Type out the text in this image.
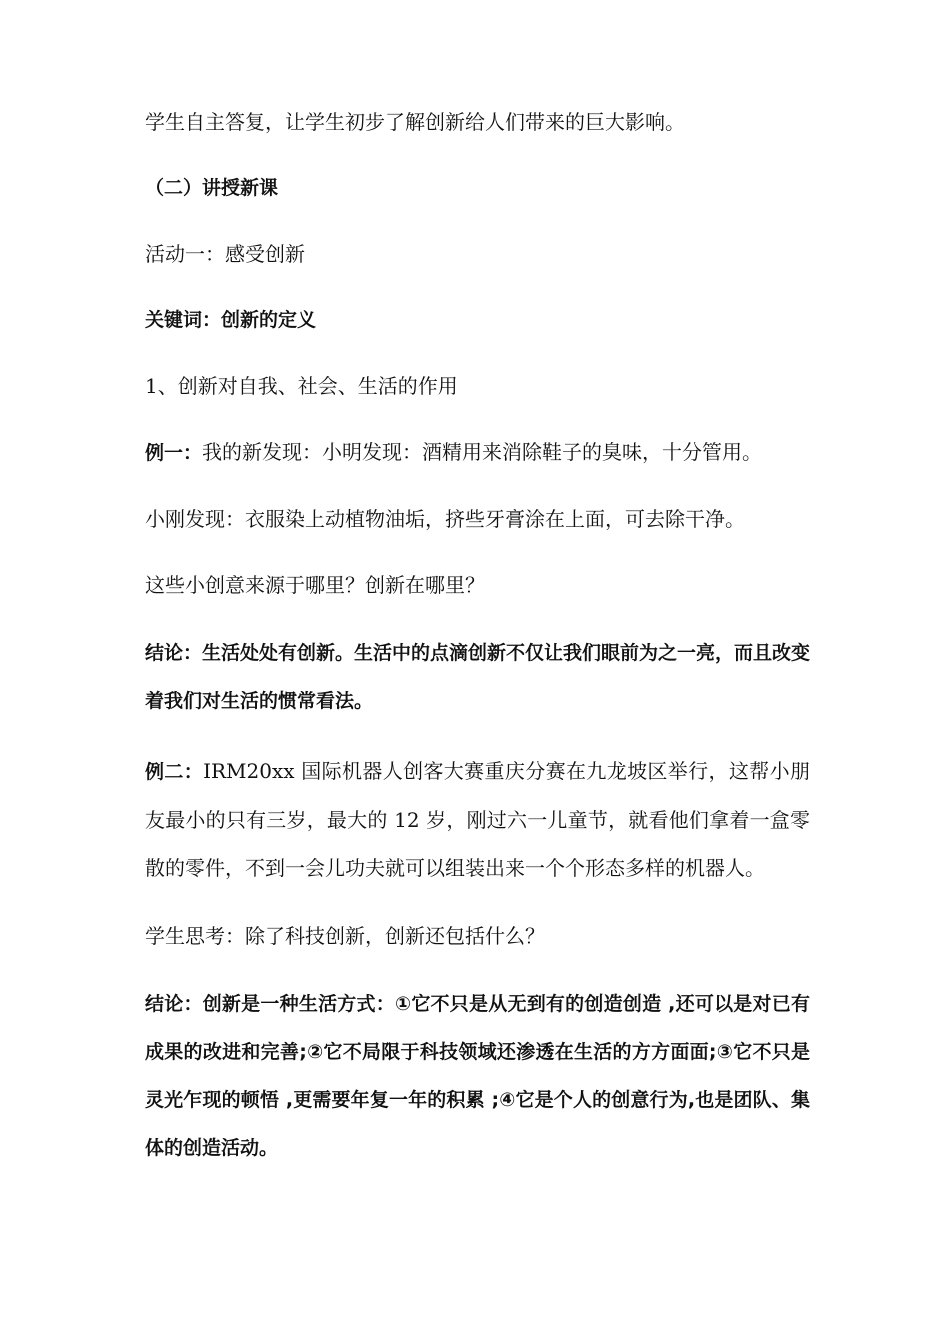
学生自主答复，让学生初步了解创新给人们带来的巨大影响。

（二）讲授新课

活动一：感受创新

关键词：创新的定义

1、创新对自我、社会、生活的作用

例一：我的新发现：小明发现：酒精用来消除鞋子的臭味，十分管用。

小刚发现：衣服染上动植物油垢，挤些牙膏涂在上面，可去除干净。

这些小创意来源于哪里？创新在哪里？

结论：生活处处有创新。生活中的点滴创新不仅让我们眼前为之一亮，而且改变着我们对生活的惯常看法。

例二：IRM20xx 国际机器人创客大赛重庆分赛在九龙坡区举行，这帮小朋友最小的只有三岁，最大的 12 岁，刚过六一儿童节，就看他们拿着一盒零散的零件，不到一会儿功夫就可以组装出来一个个形态多样的机器人。

学生思考：除了科技创新，创新还包括什么？

结论：创新是一种生活方式：①它不只是从无到有的创造创造 ,还可以是对已有成果的改进和完善;②它不局限于科技领域还渗透在生活的方方面面;③它不只是灵光乍现的顿悟 ,更需要年复一年的积累 ;④它是个人的创意行为,也是团队、集体的创造活动。
